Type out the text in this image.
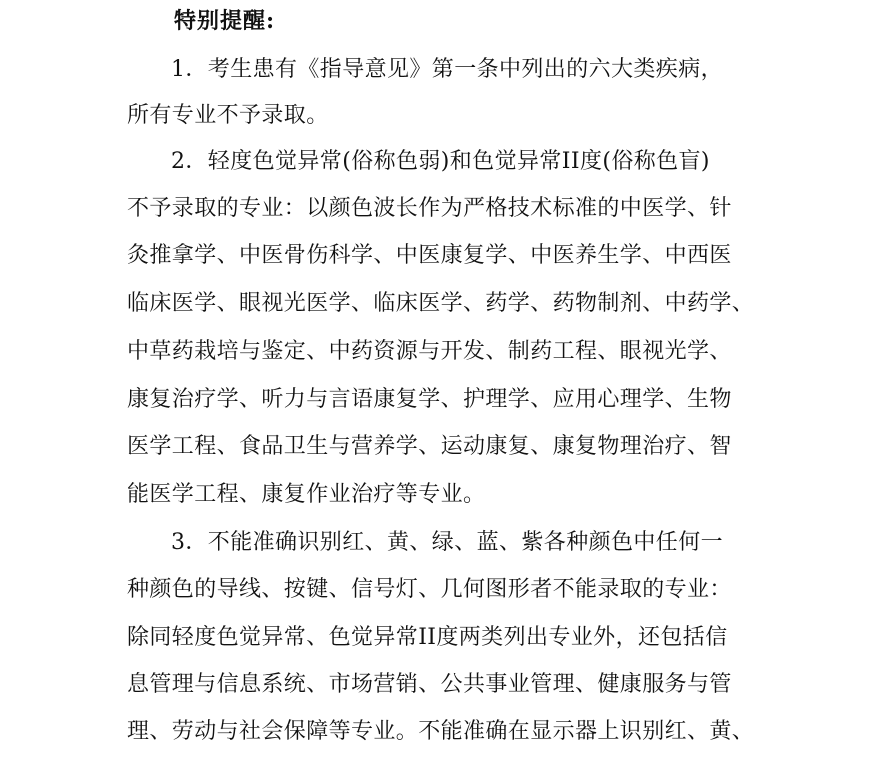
特别提醒:
1．考生患有《指导意见》第一条中列出的六大类疾病，
所有专业不予录取。
2．轻度色觉异常(俗称色弱)和色觉异常II度(俗称色盲)
不予录取的专业：以颜色波长作为严格技术标准的中医学、针
灸推拿学、中医骨伤科学、中医康复学、中医养生学、中西医
临床医学、眼视光医学、临床医学、药学、药物制剂、中药学、
中草药栽培与鉴定、中药资源与开发、制药工程、眼视光学、
康复治疗学、听力与言语康复学、护理学、应用心理学、生物
医学工程、食品卫生与营养学、运动康复、康复物理治疗、智
能医学工程、康复作业治疗等专业。
3．不能准确识别红、黄、绿、蓝、紫各种颜色中任何一
种颜色的导线、按键、信号灯、几何图形者不能录取的专业：
除同轻度色觉异常、色觉异常II度两类列出专业外，还包括信
息管理与信息系统、市场营销、公共事业管理、健康服务与管
理、劳动与社会保障等专业。不能准确在显示器上识别红、黄、
